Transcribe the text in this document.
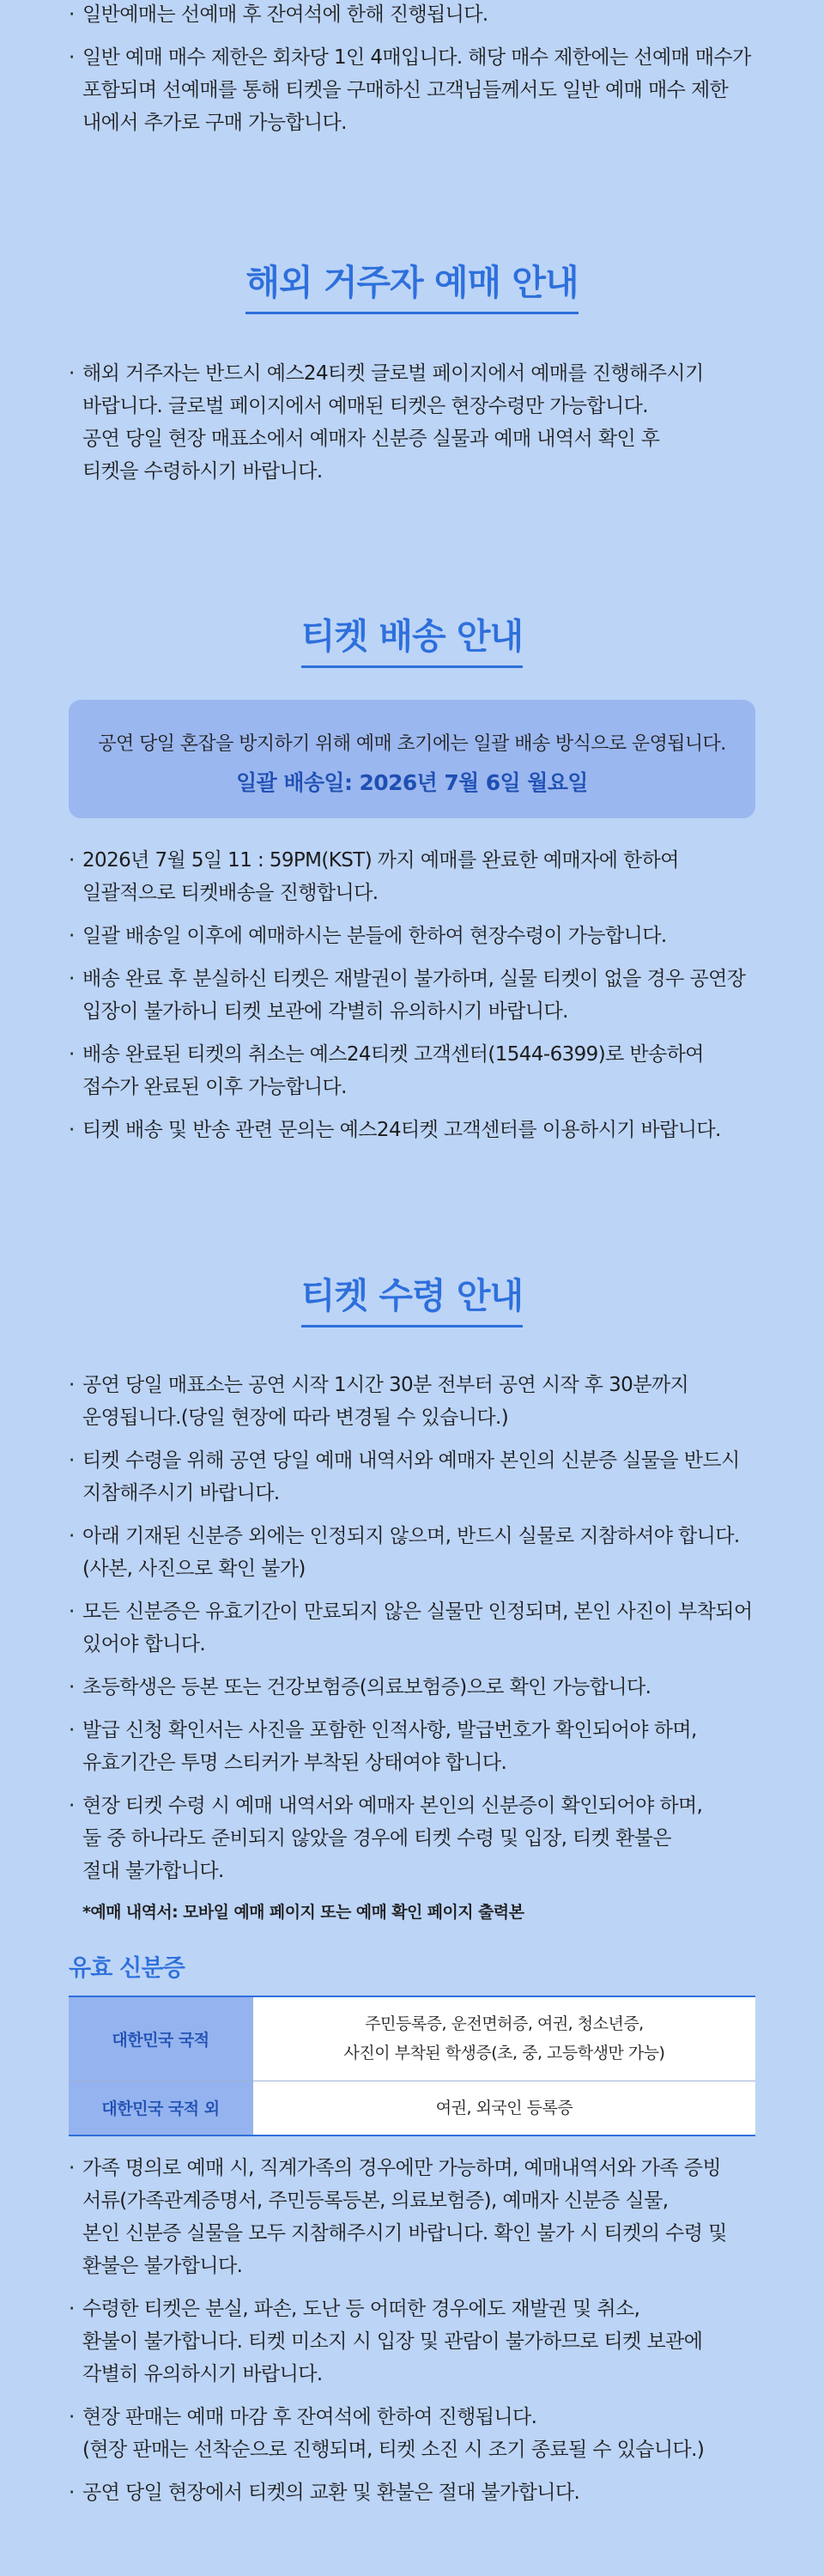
· 일반예매는 선예매 후 잔여석에 한해 진행됩니다.
· 일반 예매 매수 제한은 회차당 1인 4매입니다. 해당 매수 제한에는 선예매 매수가
포함되며 선예매를 통해 티켓을 구매하신 고객님들께서도 일반 예매 매수 제한
내에서 추가로 구매 가능합니다.
해외 거주자 예매 안내
· 해외 거주자는 반드시 예스24티켓 글로벌 페이지에서 예매를 진행해주시기
바랍니다. 글로벌 페이지에서 예매된 티켓은 현장수령만 가능합니다.
공연 당일 현장 매표소에서 예매자 신분증 실물과 예매 내역서 확인 후
티켓을 수령하시기 바랍니다.
티켓 배송 안내
공연 당일 혼잡을 방지하기 위해 예매 초기에는 일괄 배송 방식으로 운영됩니다.
일괄 배송일: 2026년 7월 6일 월요일
· 2026년 7월 5일 11 : 59PM(KST) 까지 예매를 완료한 예매자에 한하여
일괄적으로 티켓배송을 진행합니다.
· 일괄 배송일 이후에 예매하시는 분들에 한하여 현장수령이 가능합니다.
· 배송 완료 후 분실하신 티켓은 재발권이 불가하며, 실물 티켓이 없을 경우 공연장
입장이 불가하니 티켓 보관에 각별히 유의하시기 바랍니다.
· 배송 완료된 티켓의 취소는 예스24티켓 고객센터(1544-6399)로 반송하여
접수가 완료된 이후 가능합니다.
· 티켓 배송 및 반송 관련 문의는 예스24티켓 고객센터를 이용하시기 바랍니다.
티켓 수령 안내
· 공연 당일 매표소는 공연 시작 1시간 30분 전부터 공연 시작 후 30분까지
운영됩니다.(당일 현장에 따라 변경될 수 있습니다.)
· 티켓 수령을 위해 공연 당일 예매 내역서와 예매자 본인의 신분증 실물을 반드시
지참해주시기 바랍니다.
· 아래 기재된 신분증 외에는 인정되지 않으며, 반드시 실물로 지참하셔야 합니다.
(사본, 사진으로 확인 불가)
· 모든 신분증은 유효기간이 만료되지 않은 실물만 인정되며, 본인 사진이 부착되어
있어야 합니다.
· 초등학생은 등본 또는 건강보험증(의료보험증)으로 확인 가능합니다.
· 발급 신청 확인서는 사진을 포함한 인적사항, 발급번호가 확인되어야 하며,
유효기간은 투명 스티커가 부착된 상태여야 합니다.
· 현장 티켓 수령 시 예매 내역서와 예매자 본인의 신분증이 확인되어야 하며,
둘 중 하나라도 준비되지 않았을 경우에 티켓 수령 및 입장, 티켓 환불은
절대 불가합니다.
*예매 내역서: 모바일 예매 페이지 또는 예매 확인 페이지 출력본
유효 신분증
대한민국 국적	주민등록증, 운전면허증, 여권, 청소년증,
사진이 부착된 학생증(초, 중, 고등학생만 가능)
대한민국 국적 외	여권, 외국인 등록증
· 가족 명의로 예매 시, 직계가족의 경우에만 가능하며, 예매내역서와 가족 증빙
서류(가족관계증명서, 주민등록등본, 의료보험증), 예매자 신분증 실물,
본인 신분증 실물을 모두 지참해주시기 바랍니다. 확인 불가 시 티켓의 수령 및
환불은 불가합니다.
· 수령한 티켓은 분실, 파손, 도난 등 어떠한 경우에도 재발권 및 취소,
환불이 불가합니다. 티켓 미소지 시 입장 및 관람이 불가하므로 티켓 보관에
각별히 유의하시기 바랍니다.
· 현장 판매는 예매 마감 후 잔여석에 한하여 진행됩니다.
(현장 판매는 선착순으로 진행되며, 티켓 소진 시 조기 종료될 수 있습니다.)
· 공연 당일 현장에서 티켓의 교환 및 환불은 절대 불가합니다.
